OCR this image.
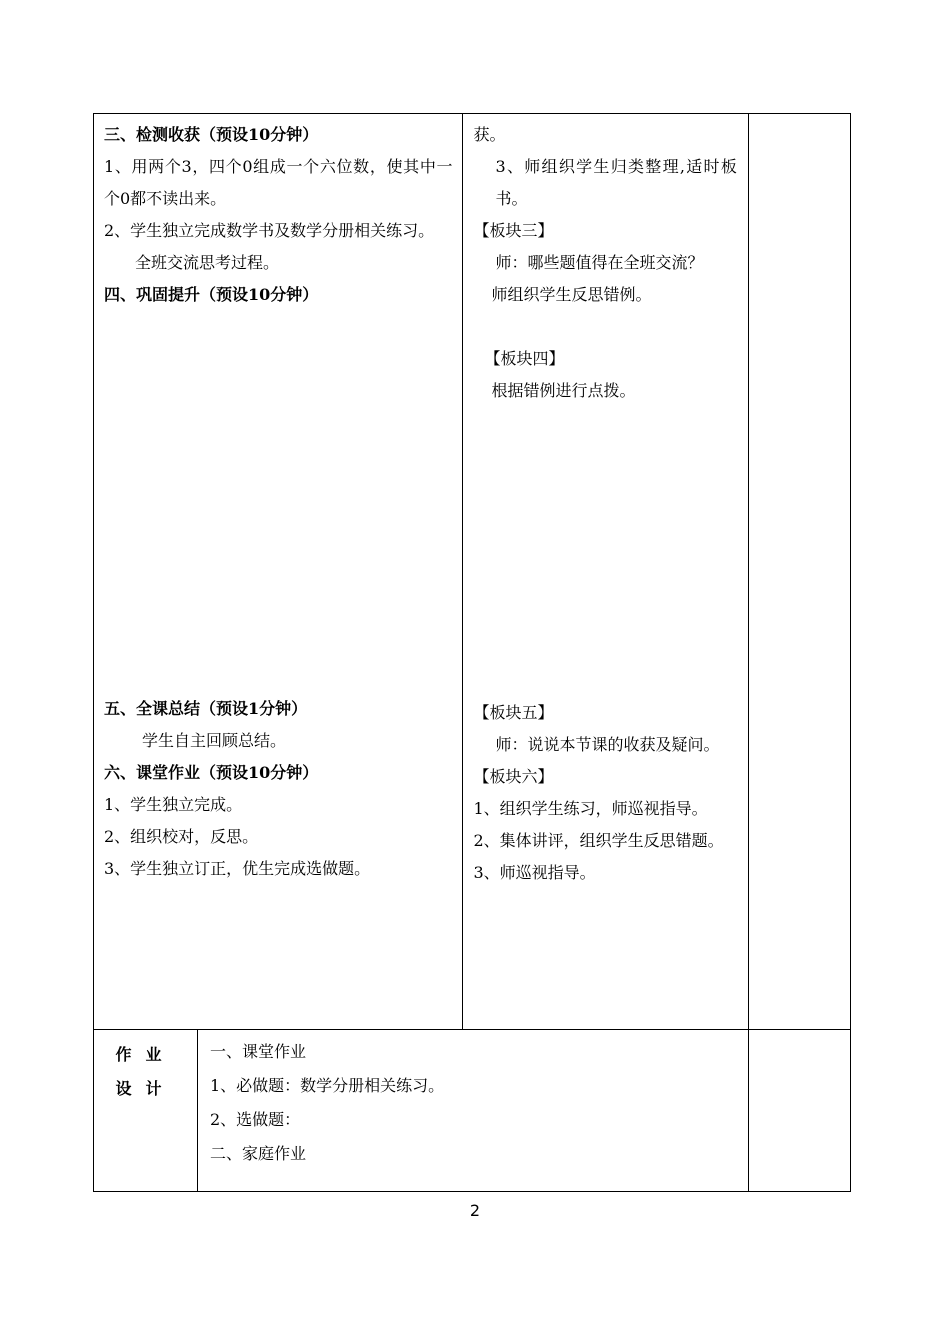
三、检测收获（预设10分钟）
1、用两个3，四个0组成一个六位数，使其中一个0都不读出来。
2、学生独立完成数学书及数学分册相关练习。
全班交流思考过程。
四、巩固提升（预设10分钟）
五、全课总结（预设1分钟）
学生自主回顾总结。
六、课堂作业（预设10分钟）
1、学生独立完成。
2、组织校对，反思。
3、学生独立订正，优生完成选做题。

获。
3、师组织学生归类整理,适时板书。
【板块三】
师：哪些题值得在全班交流？
师组织学生反思错例。
【板块四】
根据错例进行点拨。
【板块五】
师：说说本节课的收获及疑问。
【板块六】
1、组织学生练习，师巡视指导。
2、集体讲评，组织学生反思错题。
3、师巡视指导。

作业
设计

一、课堂作业
1、必做题：数学分册相关练习。
2、选做题：
二、家庭作业

2
